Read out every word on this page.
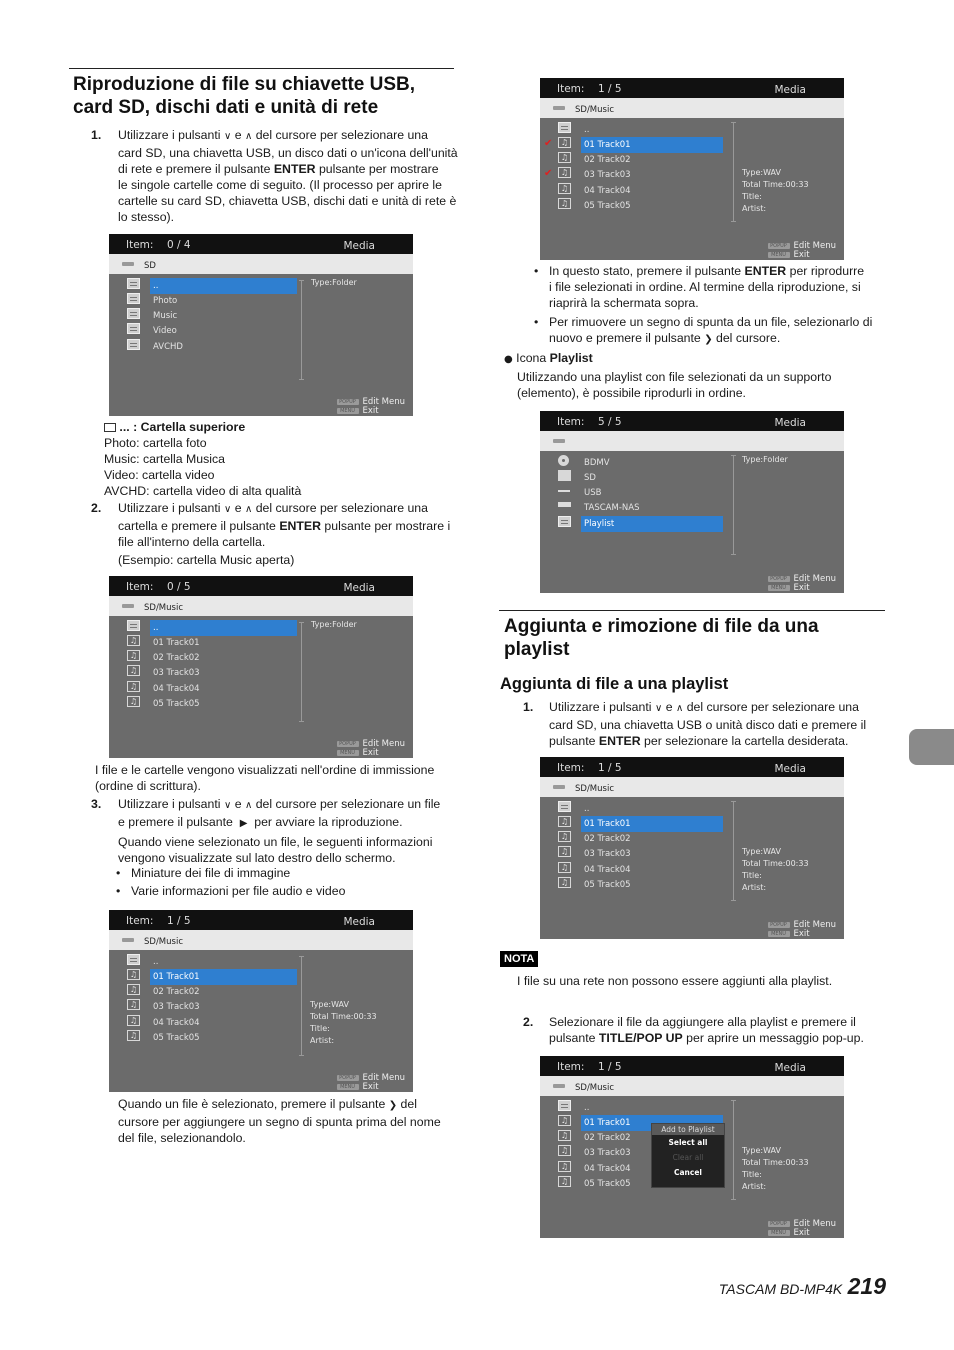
Riproduzione di file su chiavette USB,
card SD, dischi dati e unità di rete
1. Utilizzare i pulsanti ∨ e ∧ del cursore per selezionare una

card SD, una chiavetta USB, un disco dati o un'icona dell'unità

di rete e premere il pulsante ENTER pulsante per mostrare

le singole cartelle come di seguito. (Il processo per aprire le

cartelle su card SD, chiavetta USB, dischi dati e unità di rete è

lo stesso).

Item: 0 / 4	Media
SD
..
Photo
Music
Video
AVCHD
Type:Folder
POPUP Edit Menu
MENU Exit

... : Cartella superiore

Photo: cartella foto

Music: cartella Musica

Video: cartella video

AVCHD: cartella video di alta qualità

2. Utilizzare i pulsanti ∨ e ∧ del cursore per selezionare una

cartella e premere il pulsante ENTER pulsante per mostrare i

file all'interno della cartella.

(Esempio: cartella Music aperta)

Item: 0 / 5	Media
SD/Music
..
♫	01 Track01
♫	02 Track02
♫	03 Track03
♫	04 Track04
♫	05 Track05
Type:Folder
POPUP Edit Menu
MENU Exit

I file e le cartelle vengono visualizzati nell'ordine di immissione

(ordine di scrittura).

3. Utilizzare i pulsanti ∨ e ∧ del cursore per selezionare un file

e premere il pulsante ▶ per avviare la riproduzione.

Quando viene selezionato un file, le seguenti informazioni

vengono visualizzate sul lato destro dello schermo.

• Miniature dei file di immagine
• Varie informazioni per file audio e video
Item: 1 / 5	Media
SD/Music
..
♫	01 Track01
♫	02 Track02
♫	03 Track03
♫	04 Track04
♫	05 Track05
Type:WAV
Total Time:00:33
Title:
Artist:
POPUP Edit Menu
MENU Exit

Quando un file è selezionato, premere il pulsante ❯ del

cursore per aggiungere un segno di spunta prima del nome

del file, selezionandolo.

Item: 1 / 5	Media
SD/Music
..
✔	♫	01 Track01
♫	02 Track02
✔	♫	03 Track03
♫	04 Track04
♫	05 Track05
Type:WAV
Total Time:00:33
Title:
Artist:
POPUP Edit Menu
MENU Exit

• In questo stato, premere il pulsante ENTER per riprodurre

i file selezionati in ordine. Al termine della riproduzione, si

riaprirà la schermata sopra.

• Per rimuovere un segno di spunta da un file, selezionarlo di

nuovo e premere il pulsante ❯ del cursore.

● Icona Playlist

Utilizzando una playlist con file selezionati da un supporto

(elemento), è possibile riprodurli in ordine.

Item: 5 / 5	Media
BDMV
SD
USB
TASCAM-NAS
Playlist
Type:Folder
POPUP Edit Menu
MENU Exit
Aggiunta e rimozione di file da una
playlist
Aggiunta di file a una playlist
1. Utilizzare i pulsanti ∨ e ∧ del cursore per selezionare una

card SD, una chiavetta USB o unità disco dati e premere il

pulsante ENTER per selezionare la cartella desiderata.

Item: 1 / 5	Media
SD/Music
..
♫	01 Track01
♫	02 Track02
♫	03 Track03
♫	04 Track04
♫	05 Track05
Type:WAV
Total Time:00:33
Title:
Artist:
POPUP Edit Menu
MENU Exit
NOTA
I file su una rete non possono essere aggiunti alla playlist.
2. Selezionare il file da aggiungere alla playlist e premere il

pulsante TITLE/POP UP per aprire un messaggio pop-up.

Item: 1 / 5	Media
SD/Music
..
♫	01 Track01
♫	02 Track02
♫	03 Track03
♫	04 Track04
♫	05 Track05
Add to Playlist
Select all
Clear all
Cancel
Type:WAV
Total Time:00:33
Title:
Artist:
POPUP Edit Menu
MENU Exit
TASCAM BD-MP4K 219
